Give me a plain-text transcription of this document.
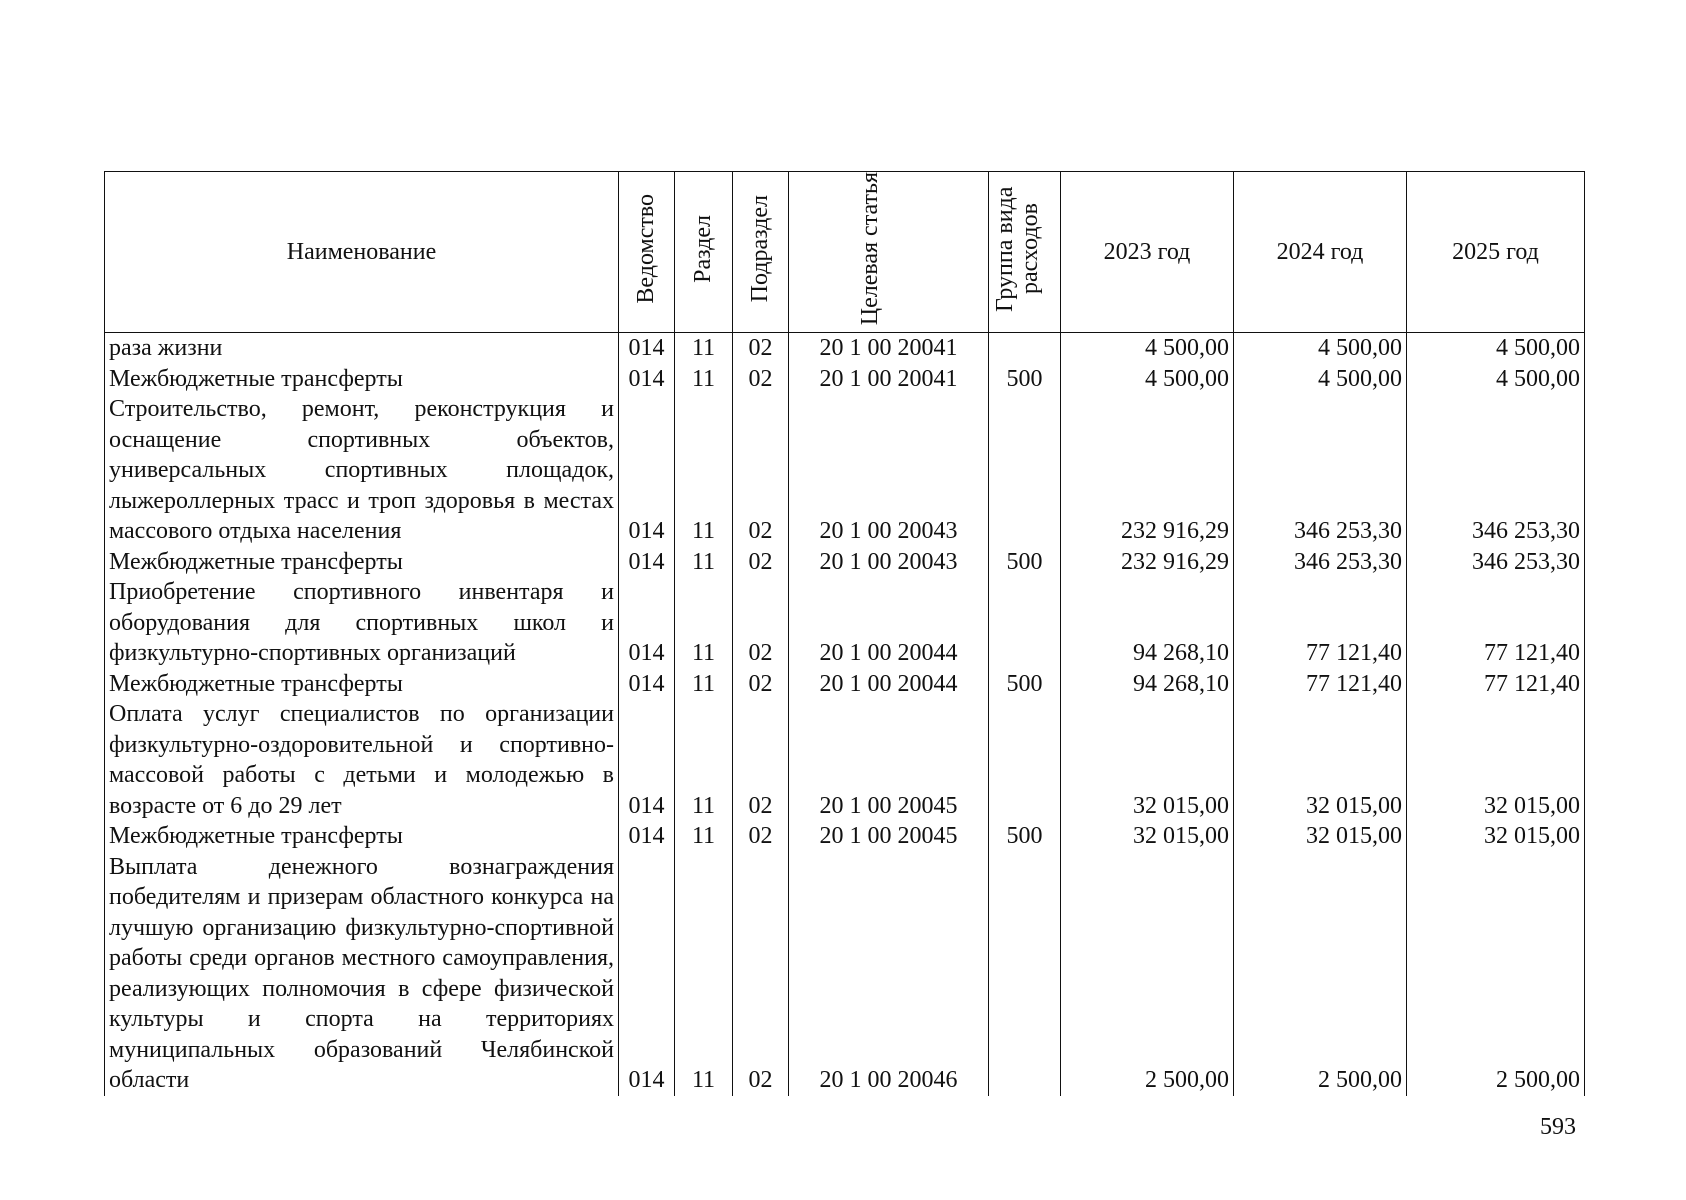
Наименование	Ведомство	Раздел	Подраздел	Целевая статья	Группа вида расходов	2023 год	2024 год	2025 год
раза жизни	014	11	02	20 1 00 20041		4 500,00	4 500,00	4 500,00
Межбюджетные трансферты	014	11	02	20 1 00 20041	500	4 500,00	4 500,00	4 500,00
Строительство, ремонт, реконструкция и оснащение спортивных объектов, универсальных спортивных площадок, лыжероллерных трасс и троп здоровья в местах массового отдыха населения	014	11	02	20 1 00 20043		232 916,29	346 253,30	346 253,30
Межбюджетные трансферты	014	11	02	20 1 00 20043	500	232 916,29	346 253,30	346 253,30
Приобретение спортивного инвентаря и оборудования для спортивных школ и физкультурно-спортивных организаций	014	11	02	20 1 00 20044		94 268,10	77 121,40	77 121,40
Межбюджетные трансферты	014	11	02	20 1 00 20044	500	94 268,10	77 121,40	77 121,40
Оплата услуг специалистов по организации физкультурно-оздоровительной и спортивно-массовой работы с детьми и молодежью в возрасте от 6 до 29 лет	014	11	02	20 1 00 20045		32 015,00	32 015,00	32 015,00
Межбюджетные трансферты	014	11	02	20 1 00 20045	500	32 015,00	32 015,00	32 015,00
Выплата денежного вознаграждения победителям и призерам областного конкурса на лучшую организацию физкультурно-спортивной работы среди органов местного самоуправления, реализующих полномочия в сфере физической культуры и спорта на территориях муниципальных образований Челябинской области	014	11	02	20 1 00 20046		2 500,00	2 500,00	2 500,00
593
